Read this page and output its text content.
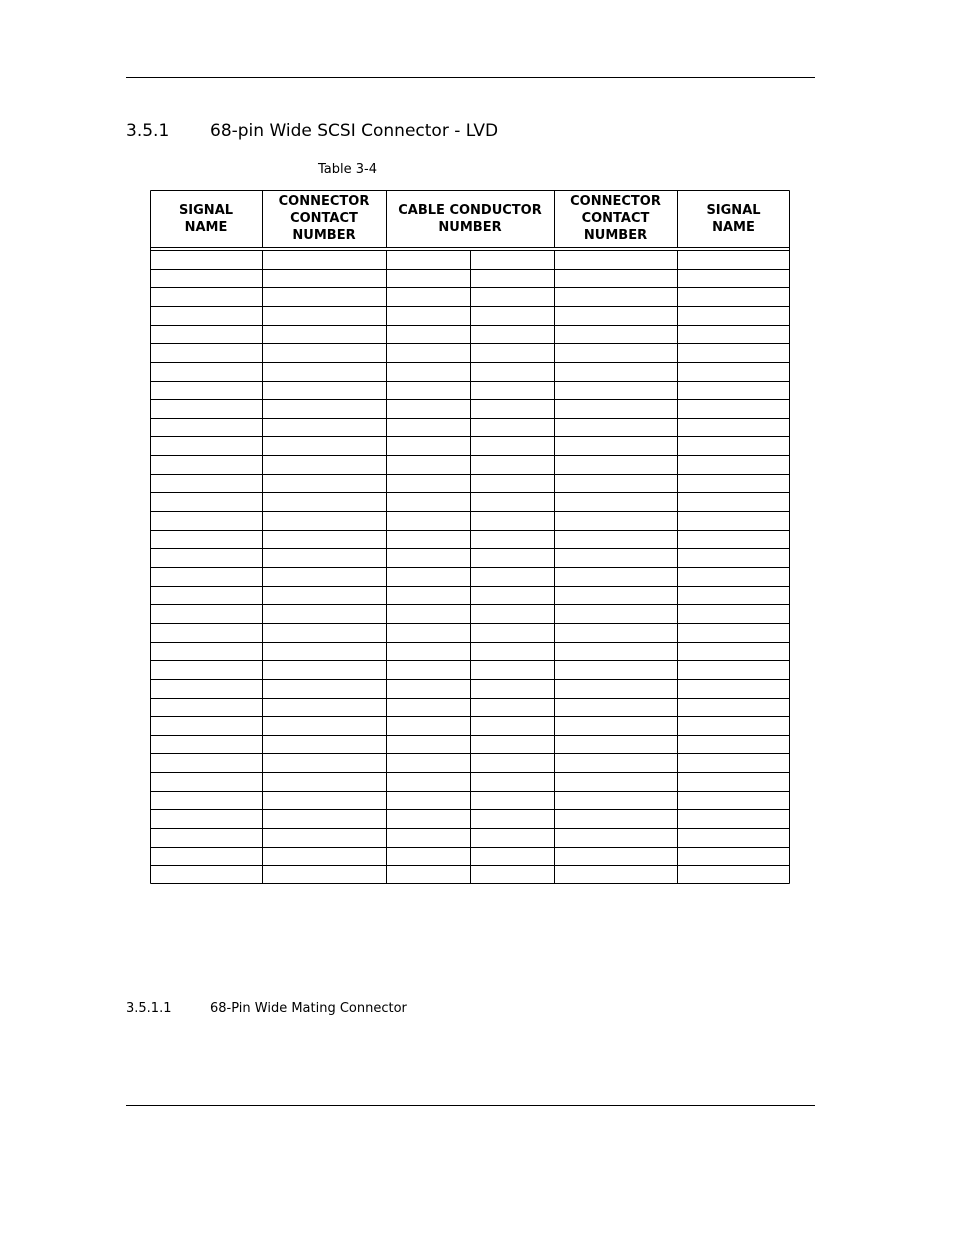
3.5.1 68-pin Wide SCSI Connector - LVD
Table 3-4
SIGNAL
NAME
CONNECTOR
CONTACT
NUMBER
CABLE CONDUCTOR
NUMBER
CONNECTOR
CONTACT
NUMBER
SIGNAL
NAME
3.5.1.1	68-Pin Wide Mating Connector
